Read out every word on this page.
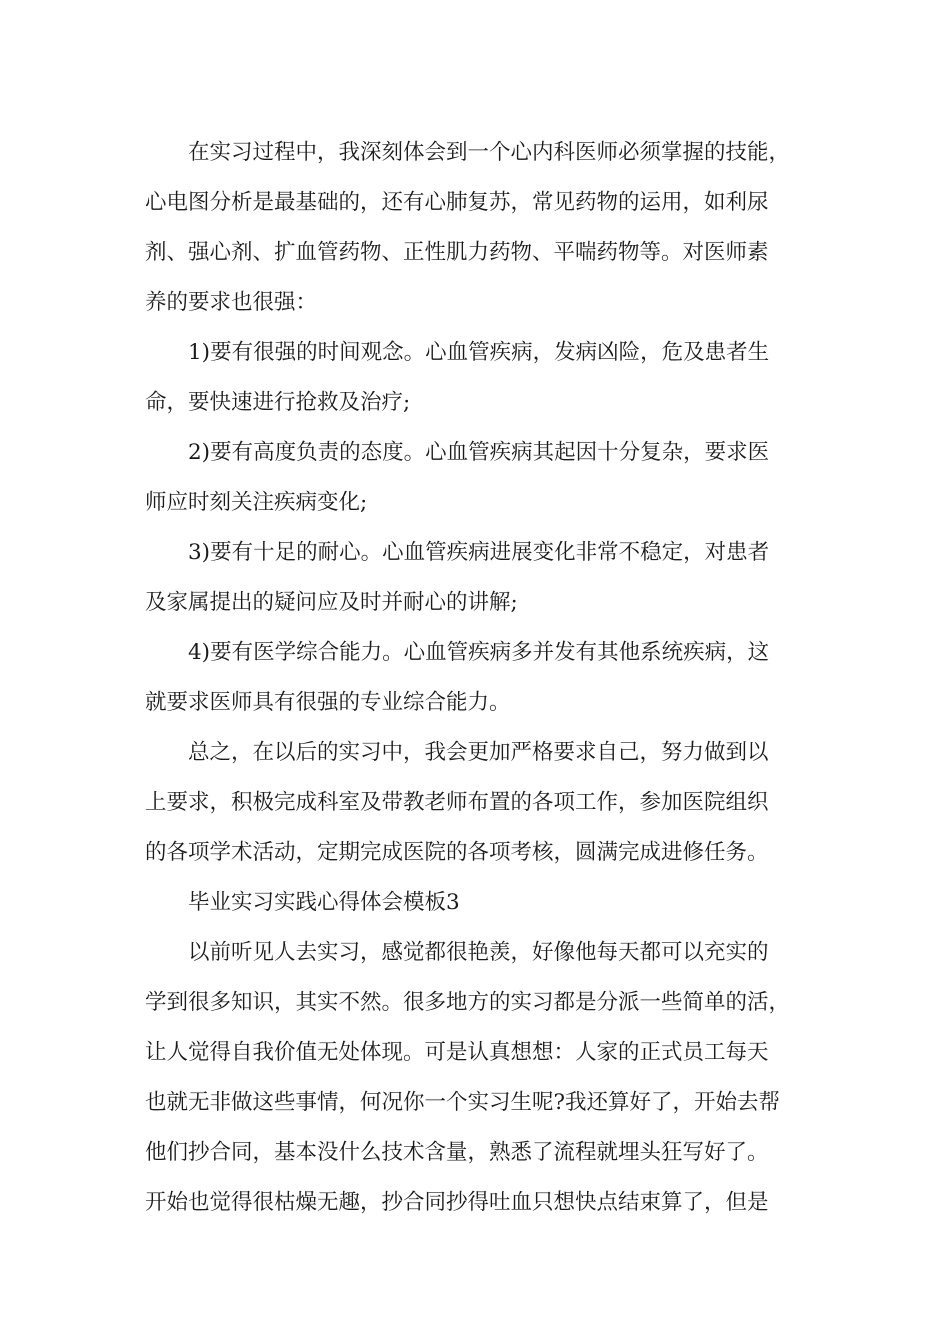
在实习过程中，我深刻体会到一个心内科医师必须掌握的技能，
心电图分析是最基础的，还有心肺复苏，常见药物的运用，如利尿
剂、强心剂、扩血管药物、正性肌力药物、平喘药物等。对医师素
养的要求也很强：
1)要有很强的时间观念。心血管疾病，发病凶险，危及患者生
命，要快速进行抢救及治疗;
2)要有高度负责的态度。心血管疾病其起因十分复杂，要求医
师应时刻关注疾病变化;
3)要有十足的耐心。心血管疾病进展变化非常不稳定，对患者
及家属提出的疑问应及时并耐心的讲解;
4)要有医学综合能力。心血管疾病多并发有其他系统疾病，这
就要求医师具有很强的专业综合能力。
总之，在以后的实习中，我会更加严格要求自己，努力做到以
上要求，积极完成科室及带教老师布置的各项工作，参加医院组织
的各项学术活动，定期完成医院的各项考核，圆满完成进修任务。
毕业实习实践心得体会模板3
以前听见人去实习，感觉都很艳羡，好像他每天都可以充实的
学到很多知识，其实不然。很多地方的实习都是分派一些简单的活，
让人觉得自我价值无处体现。可是认真想想：人家的正式员工每天
也就无非做这些事情，何况你一个实习生呢?我还算好了，开始去帮
他们抄合同，基本没什么技术含量，熟悉了流程就埋头狂写好了。
开始也觉得很枯燥无趣，抄合同抄得吐血只想快点结束算了，但是
